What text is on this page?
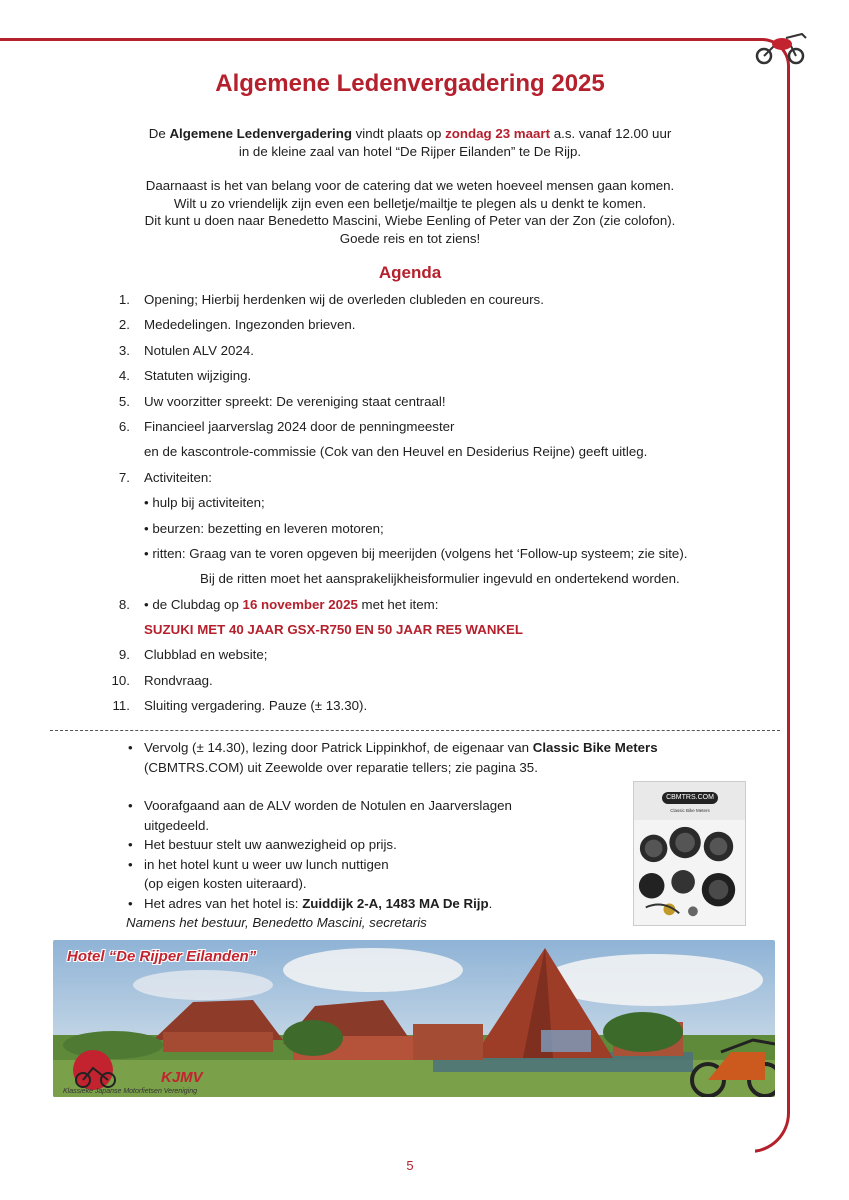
Algemene Ledenvergadering 2025

De Algemene Ledenvergadering vindt plaats op zondag 23 maart a.s. vanaf 12.00 uur

in de kleine zaal van hotel “De Rijper Eilanden” te De Rijp.

Daarnaast is het van belang voor de catering dat we weten hoeveel mensen gaan komen.

Wilt u zo vriendelijk zijn even een belletje/mailtje te plegen als u denkt te komen.

Dit kunt u doen naar Benedetto Mascini, Wiebe Eenling of Peter van der Zon (zie colofon).

Goede reis en tot ziens!

Agenda
1. Opening; Hierbij herdenken wij de overleden clubleden en coureurs.
2. Mededelingen. Ingezonden brieven.
3. Notulen ALV 2024.
4. Statuten wijziging.
5. Uw voorzitter spreekt: De vereniging staat centraal!
6. Financieel jaarverslag 2024 door de penningmeester
en de kascontrole-commissie (Cok van den Heuvel en Desiderius Reijne) geeft uitleg.
7. Activiteiten:
• hulp bij activiteiten;
• beurzen: bezetting en leveren motoren;
• ritten: Graag van te voren opgeven bij meerijden (volgens het ‘Follow-up systeem; zie site).
Bij de ritten moet het aansprakelijkheisformulier ingevuld en ondertekend worden.
8. • de Clubdag op 16 november 2025 met het item:
SUZUKI MET 40 JAAR GSX-R750 EN 50 JAAR RE5 WANKEL
9. Clubblad en website;
10. Rondvraag.
11. Sluiting vergadering. Pauze (± 13.30).
• Vervolg (± 14.30), lezing door Patrick Lippinkhof, de eigenaar van Classic Bike Meters
(CBMTRS.COM) uit Zeewolde over reparatie tellers; zie pagina 35.
• Voorafgaand aan de ALV worden de Notulen en Jaarverslagen
uitgedeeld.
• Het bestuur stelt uw aanwezigheid op prijs.
• in het hotel kunt u weer uw lunch nuttigen
(op eigen kosten uiteraard).
• Het adres van het hotel is: Zuiddijk 2-A, 1483 MA De Rijp.
Namens het bestuur, Benedetto Mascini, secretaris
CBMTRS.COM
Classic Bike Meters
Hotel “De Rijper Eilanden”
KJMV
Klassieke Japanse Motorfietsen Vereniging
5
